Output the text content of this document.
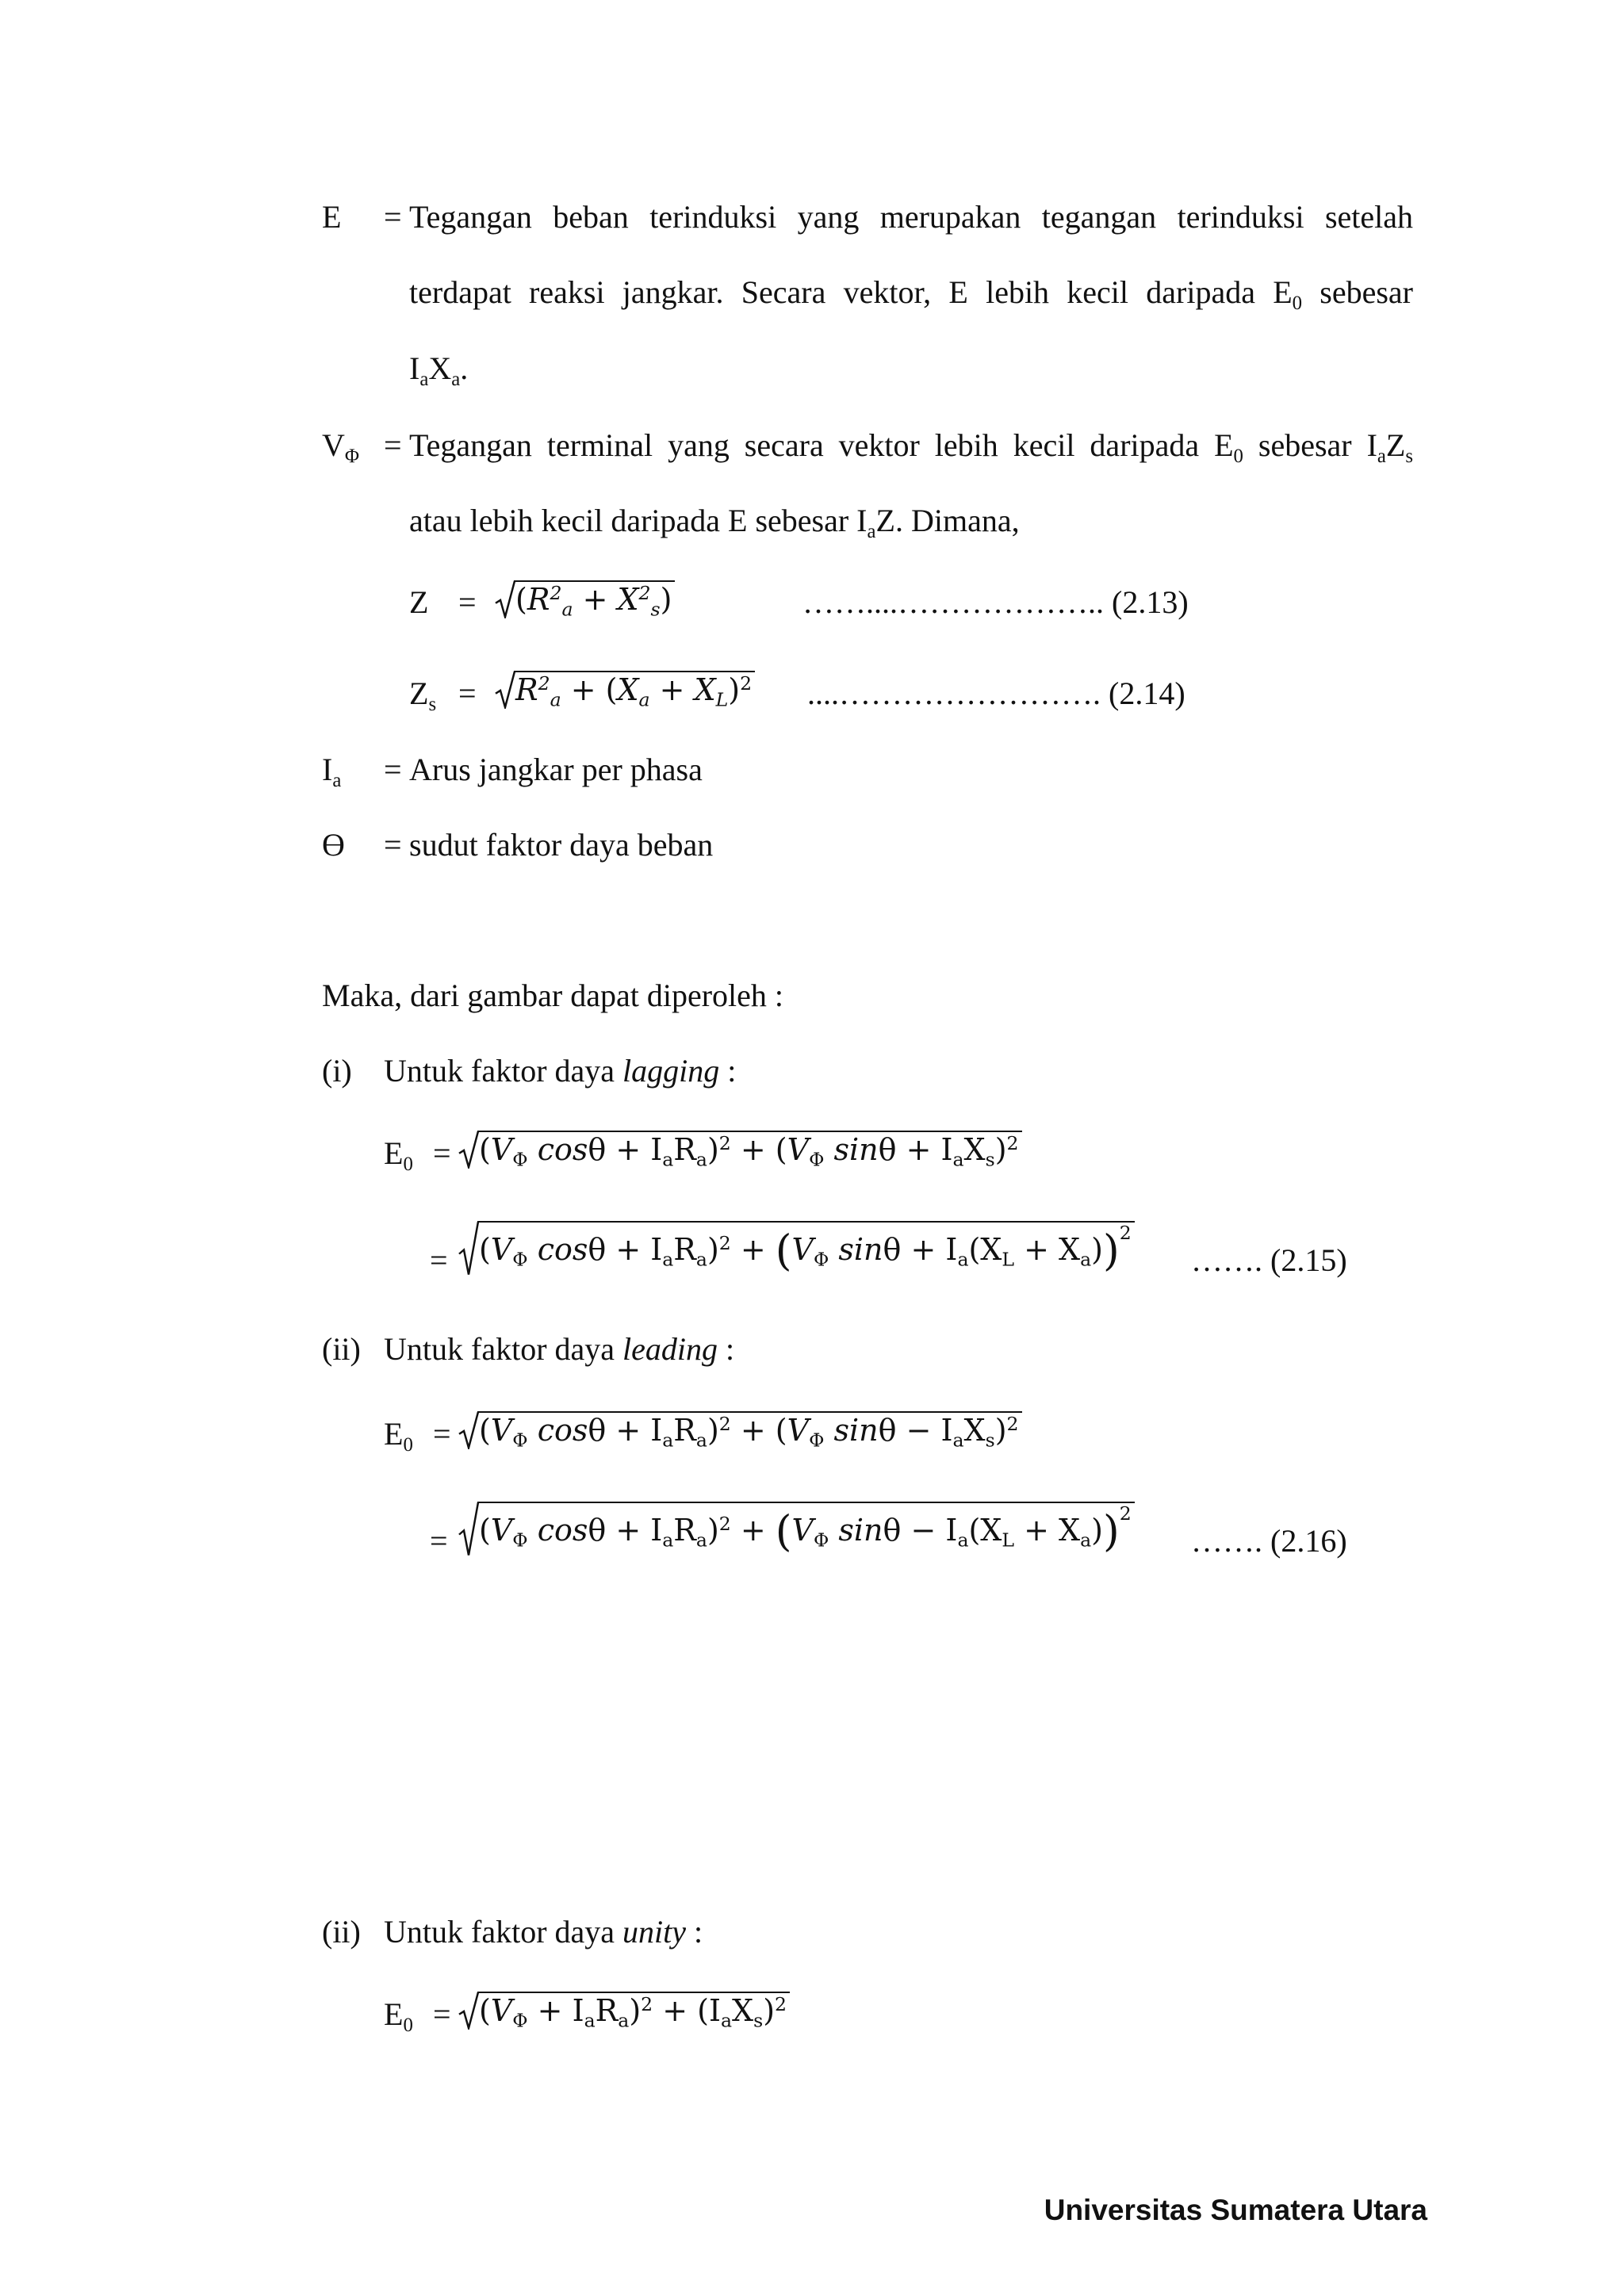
E = Tegangan beban terinduksi yang merupakan tegangan terinduksi setelah
terdapat reaksi jangkar. Secara vektor, E lebih kecil daripada $E_0$ sebesar
$I_aX_a$.
$V_\Phi$ = Tegangan terminal yang secara vektor lebih kecil daripada $E_0$ sebesar $I_aZ_s$
atau lebih kecil daripada E sebesar $I_aZ$. Dimana,
Z =	$(R^2_a + X^2_s)$	……....……………….. (2.13)
$Z_s$ =	$R^2_a + (X_a + X_L)^2$ ....……………………. (2.14)
$I_a$ = Arus jangkar per phasa
ϴ = sudut faktor daya beban
Maka, dari gambar dapat diperoleh :
(i) Untuk faktor daya lagging :
$E_0 = (V_\Phi$ $\cos\theta + I_aR_a)^2 + (V_\Phi$ $\sin\theta + I_aX_s)^2$
=	($V_\Phi$ $\cos\theta + I_aR_a)^2 + (V_\Phi$ $\sin\theta + I_a(X_L + X_a))^2$
……. (2.15)
(ii) Untuk faktor daya leading :
$E_0 = (V_\Phi$ $\cos\theta + I_aR_a)^2 + (V_\Phi$ $\sin\theta - I_aX_s)^2$
=	($V_\Phi$ $\cos\theta + I_aR_a)^2 + (V_\Phi$ $\sin\theta - I_a(X_L + X_a))^2$
……. (2.16)
(ii) Untuk faktor daya unity :
$E_0 = (V_\Phi + I_aR_a)^2 + (I_aX_s)^2$
Universitas Sumatera Utara
